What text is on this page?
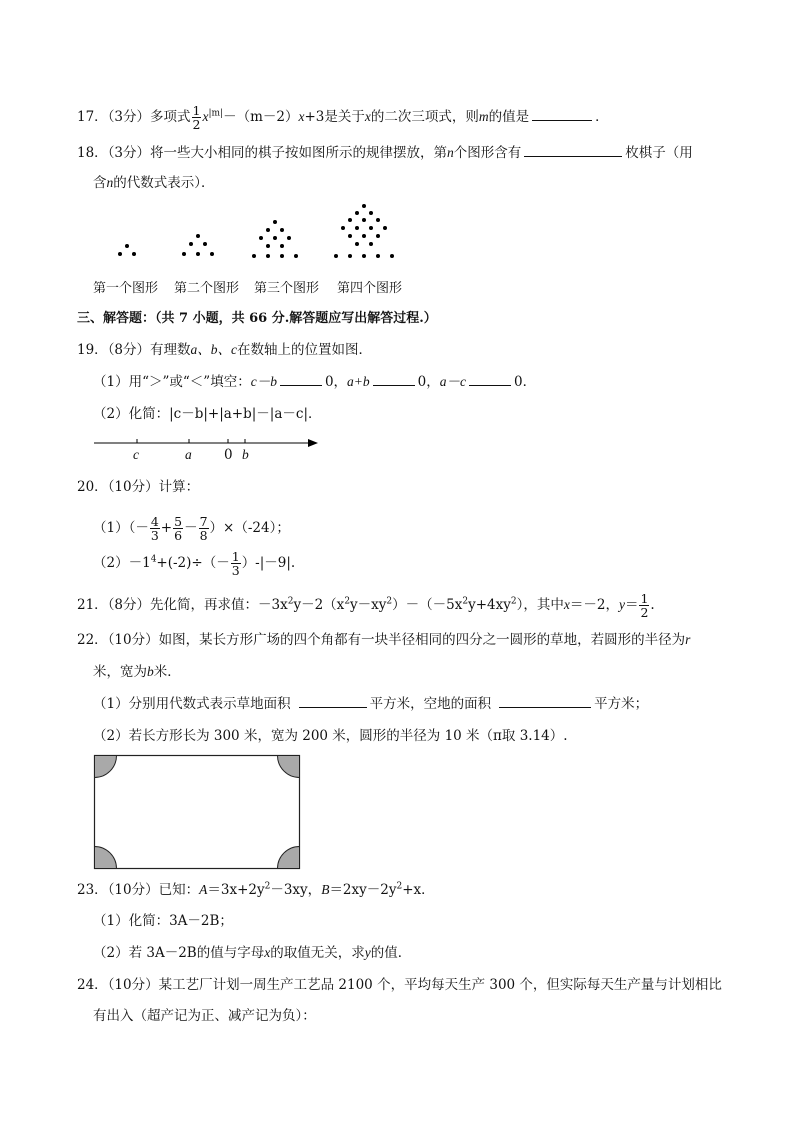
17．（3分）多项式 $\frac{1}{2} x^{|m|}-(m-2)x+3$是关于x的二次三项式，则m的值是	．
18．（3分）将一些大小相同的棋子按如图所示的规律摆放，第n个图形含有	枚棋子（用
含n的代数式表示）．
第一个图形 第二个图形 第三个图形 第四个图形
三、解答题：（共 7 小题，共 66 分.解答题应写出解答过程.）
19．（8分）有理数a、b、c在数轴上的位置如图．
（1）用“＞”或“＜”填空：c－b	0，a+b	0，a－c	0．
（2）化简：|c－b|+|a+b|－|a－c|．
c	a 0 b
20．（10分）计算：
$(1)(- \frac{4}{3} + \frac{5}{6} - \frac{7}{8} )\times(-24)$；
$(2)-1^4+(-2)\div(- \frac{1}{3} )-|-9|$.
21．（8分）先化简，再求值：$-3x^2y-2(x^2y-xy^2)-(-5x^2y+4xy^2)$，其中x＝－2，$y= \frac{1}{2}$ .
22．（10分）如图，某长方形广场的四个角都有一块半径相同的四分之一圆形的草地，若圆形的半径为r
米，宽为b米．
（1）分别用代数式表示草地面积	平方米，空地的面积	平方米；
（2）若长方形长为 300 米，宽为 200 米，圆形的半径为 10 米（π取 3.14）.
23．（10分）已知：$A=3x+2y^2-3xy$，$B=2xy-2y^2+x$．
（1）化简：3A－2B；
（2）若 3A－2B的值与字母x的取值无关，求y的值．
24．（10分）某工艺厂计划一周生产工艺品 2100 个，平均每天生产 300 个，但实际每天生产量与计划相比
有出入（超产记为正、减产记为负）：
